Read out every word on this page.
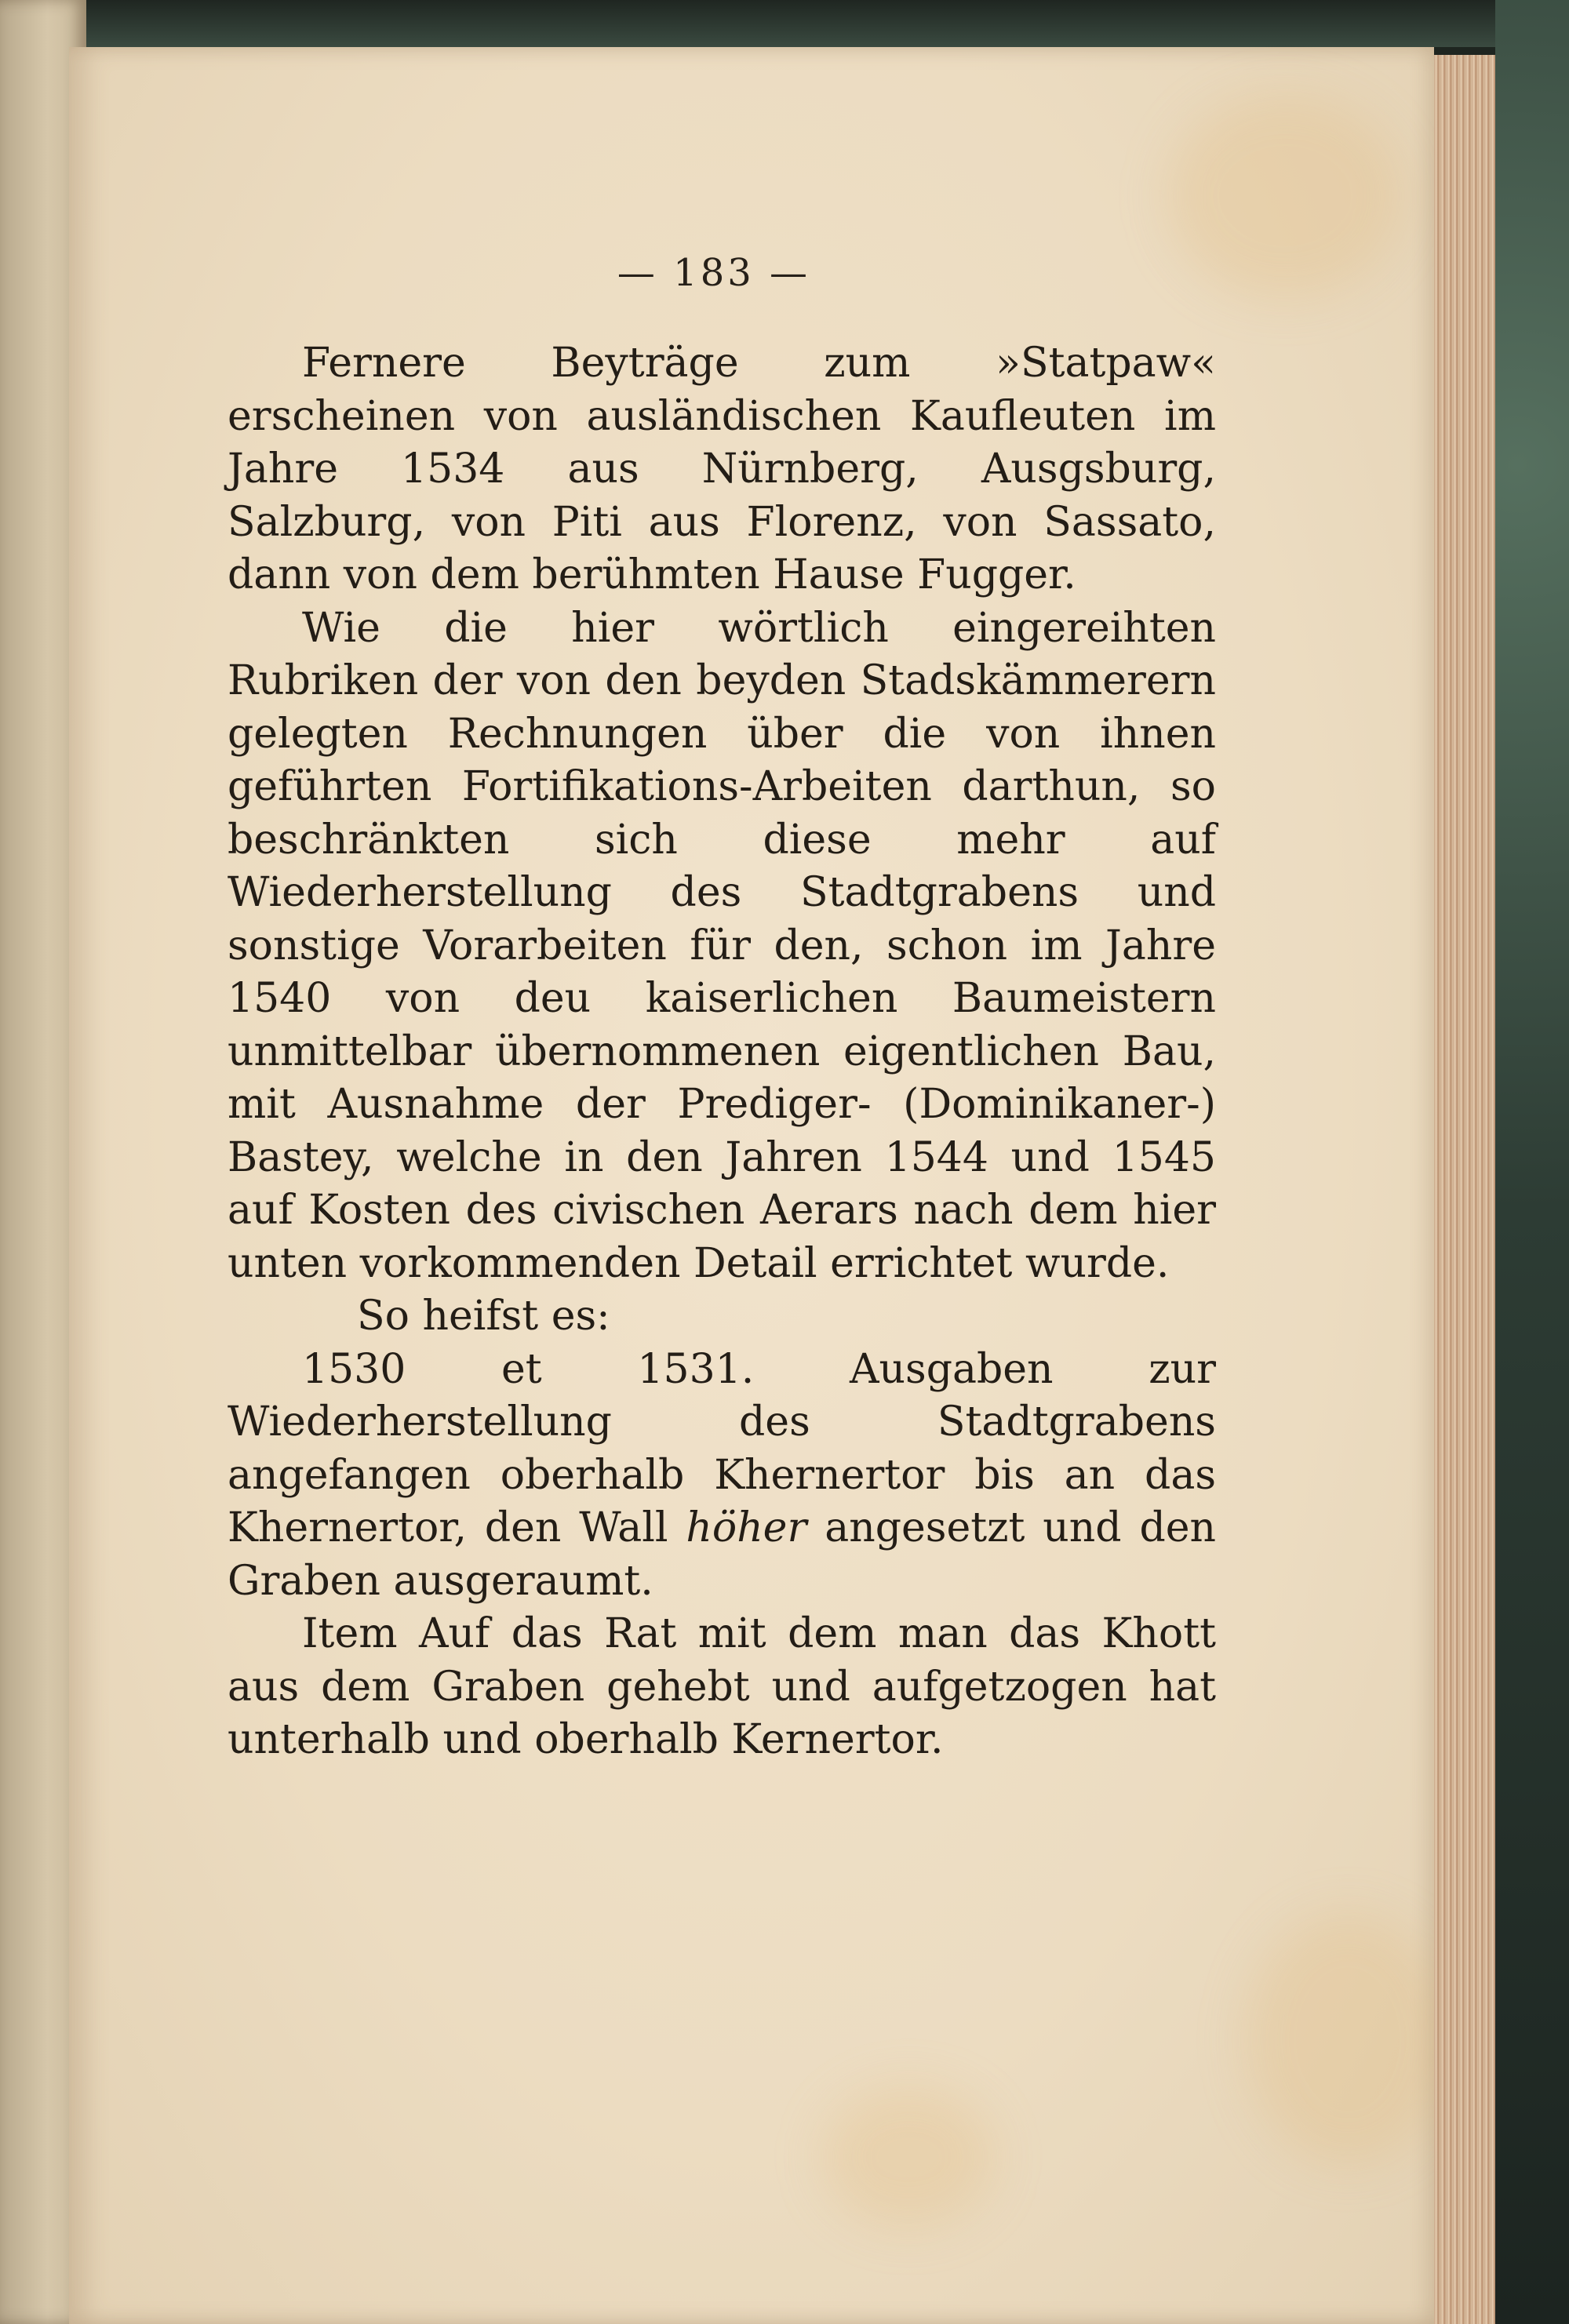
— 183 —

Fernere Beyträge zum »Statpaw« erscheinen von ausländischen Kaufleuten im Jahre 1534 aus Nürnberg, Ausgsburg, Salzburg, von Piti aus Florenz, von Sassato, dann von dem berühmten Hause Fugger.

Wie die hier wörtlich eingereihten Rubriken der von den beyden Stadskämmerern gelegten Rechnungen über die von ihnen geführten Fortifikations-Arbeiten darthun, so beschränkten sich diese mehr auf Wiederherstellung des Stadtgrabens und sonstige Vorarbeiten für den, schon im Jahre 1540 von deu kaiserlichen Baumeistern unmittelbar übernommenen eigentlichen Bau, mit Ausnahme der Prediger- (Dominikaner-) Bastey, welche in den Jahren 1544 und 1545 auf Kosten des civischen Aerars nach dem hier unten vorkommenden Detail errichtet wurde.

So heifst es:

1530 et 1531. Ausgaben zur Wiederherstellung des Stadtgrabens angefangen oberhalb Khernertor bis an das Khernertor, den Wall höher angesetzt und den Graben ausgeraumt.

Item Auf das Rat mit dem man das Khott aus dem Graben gehebt und aufgetzogen hat unterhalb und oberhalb Kernertor.
